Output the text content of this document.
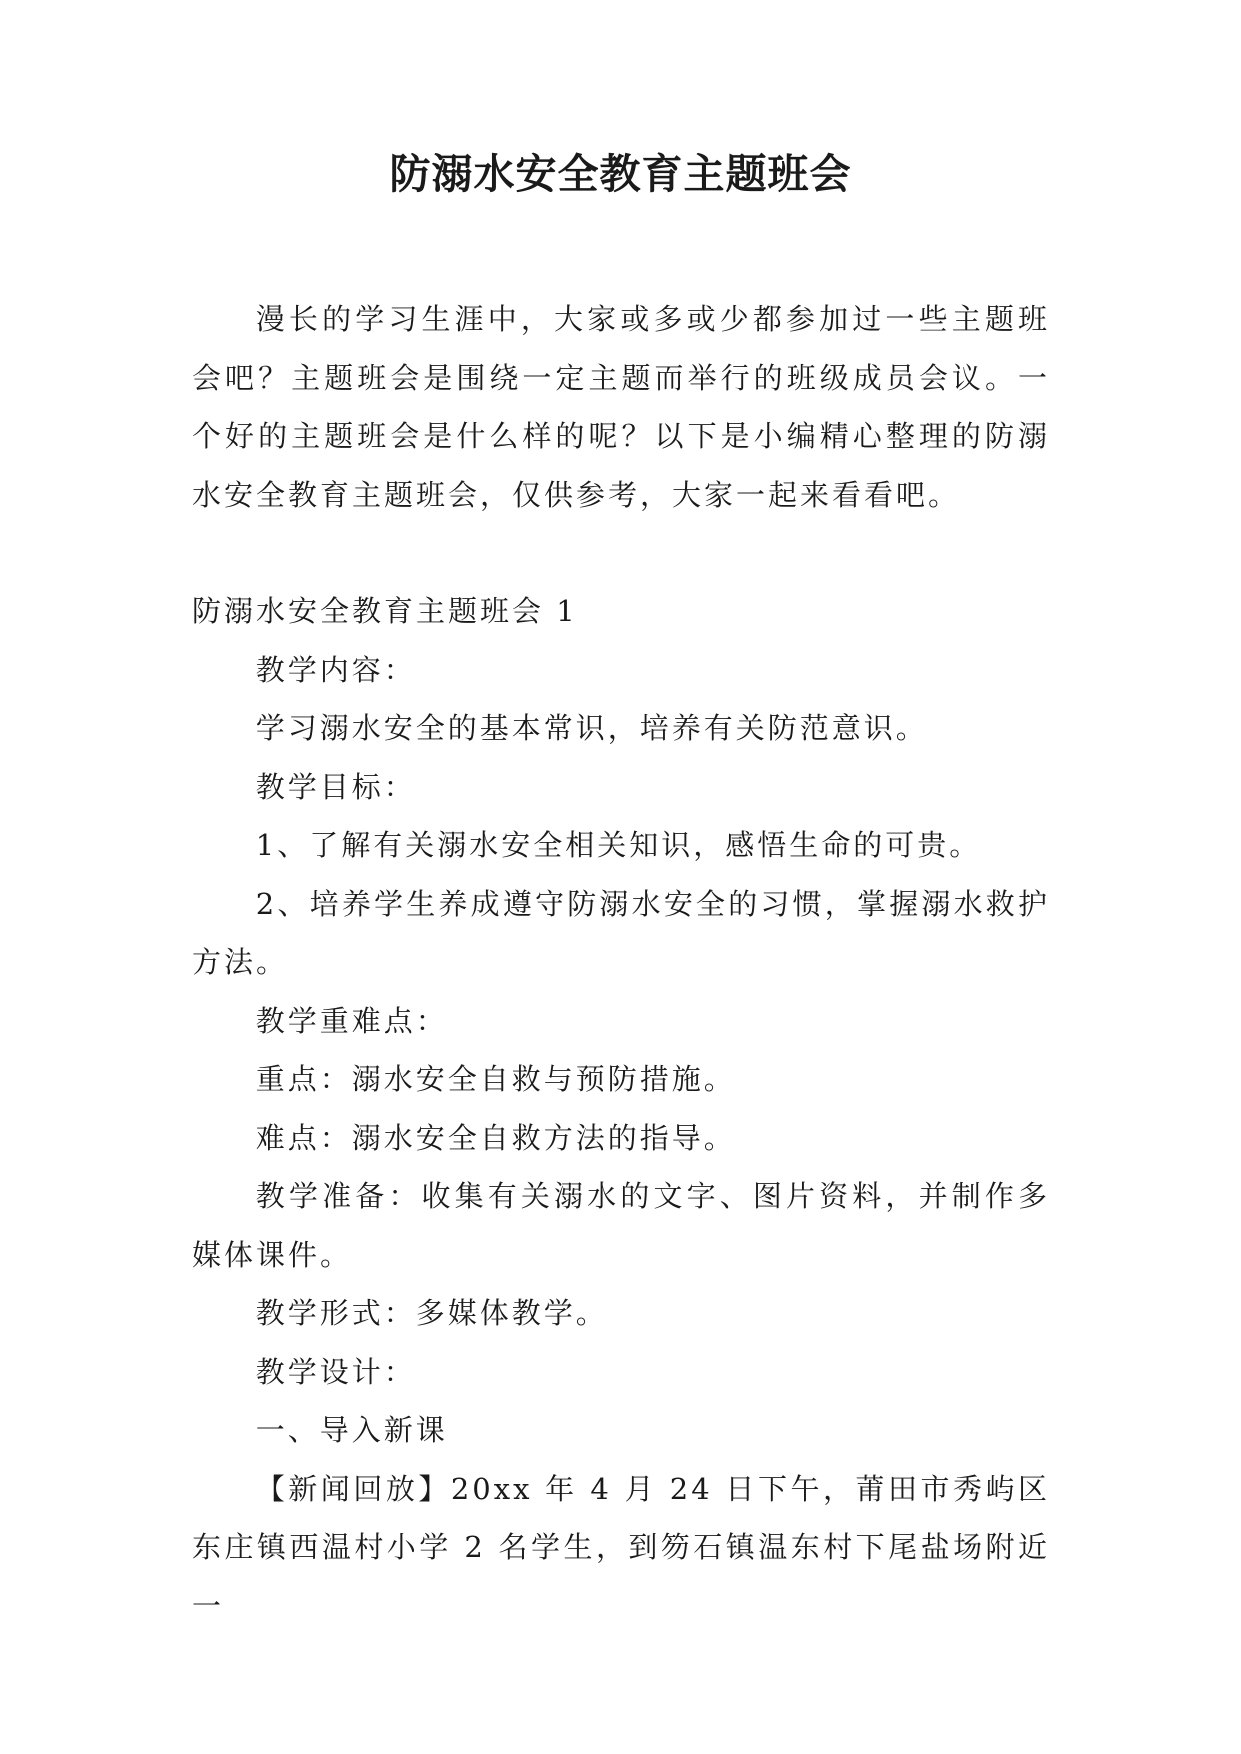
防溺水安全教育主题班会

漫长的学习生涯中，大家或多或少都参加过一些主题班会吧？主题班会是围绕一定主题而举行的班级成员会议。一个好的主题班会是什么样的呢？以下是小编精心整理的防溺水安全教育主题班会，仅供参考，大家一起来看看吧。

防溺水安全教育主题班会 1

教学内容：

学习溺水安全的基本常识，培养有关防范意识。

教学目标：

1、了解有关溺水安全相关知识，感悟生命的可贵。

2、培养学生养成遵守防溺水安全的习惯，掌握溺水救护方法。

教学重难点：

重点：溺水安全自救与预防措施。

难点：溺水安全自救方法的指导。

教学准备：收集有关溺水的文字、图片资料，并制作多媒体课件。

教学形式：多媒体教学。

教学设计：

一、导入新课

【新闻回放】20xx 年 4 月 24 日下午，莆田市秀屿区东庄镇西温村小学 2 名学生，到笏石镇温东村下尾盐场附近一
